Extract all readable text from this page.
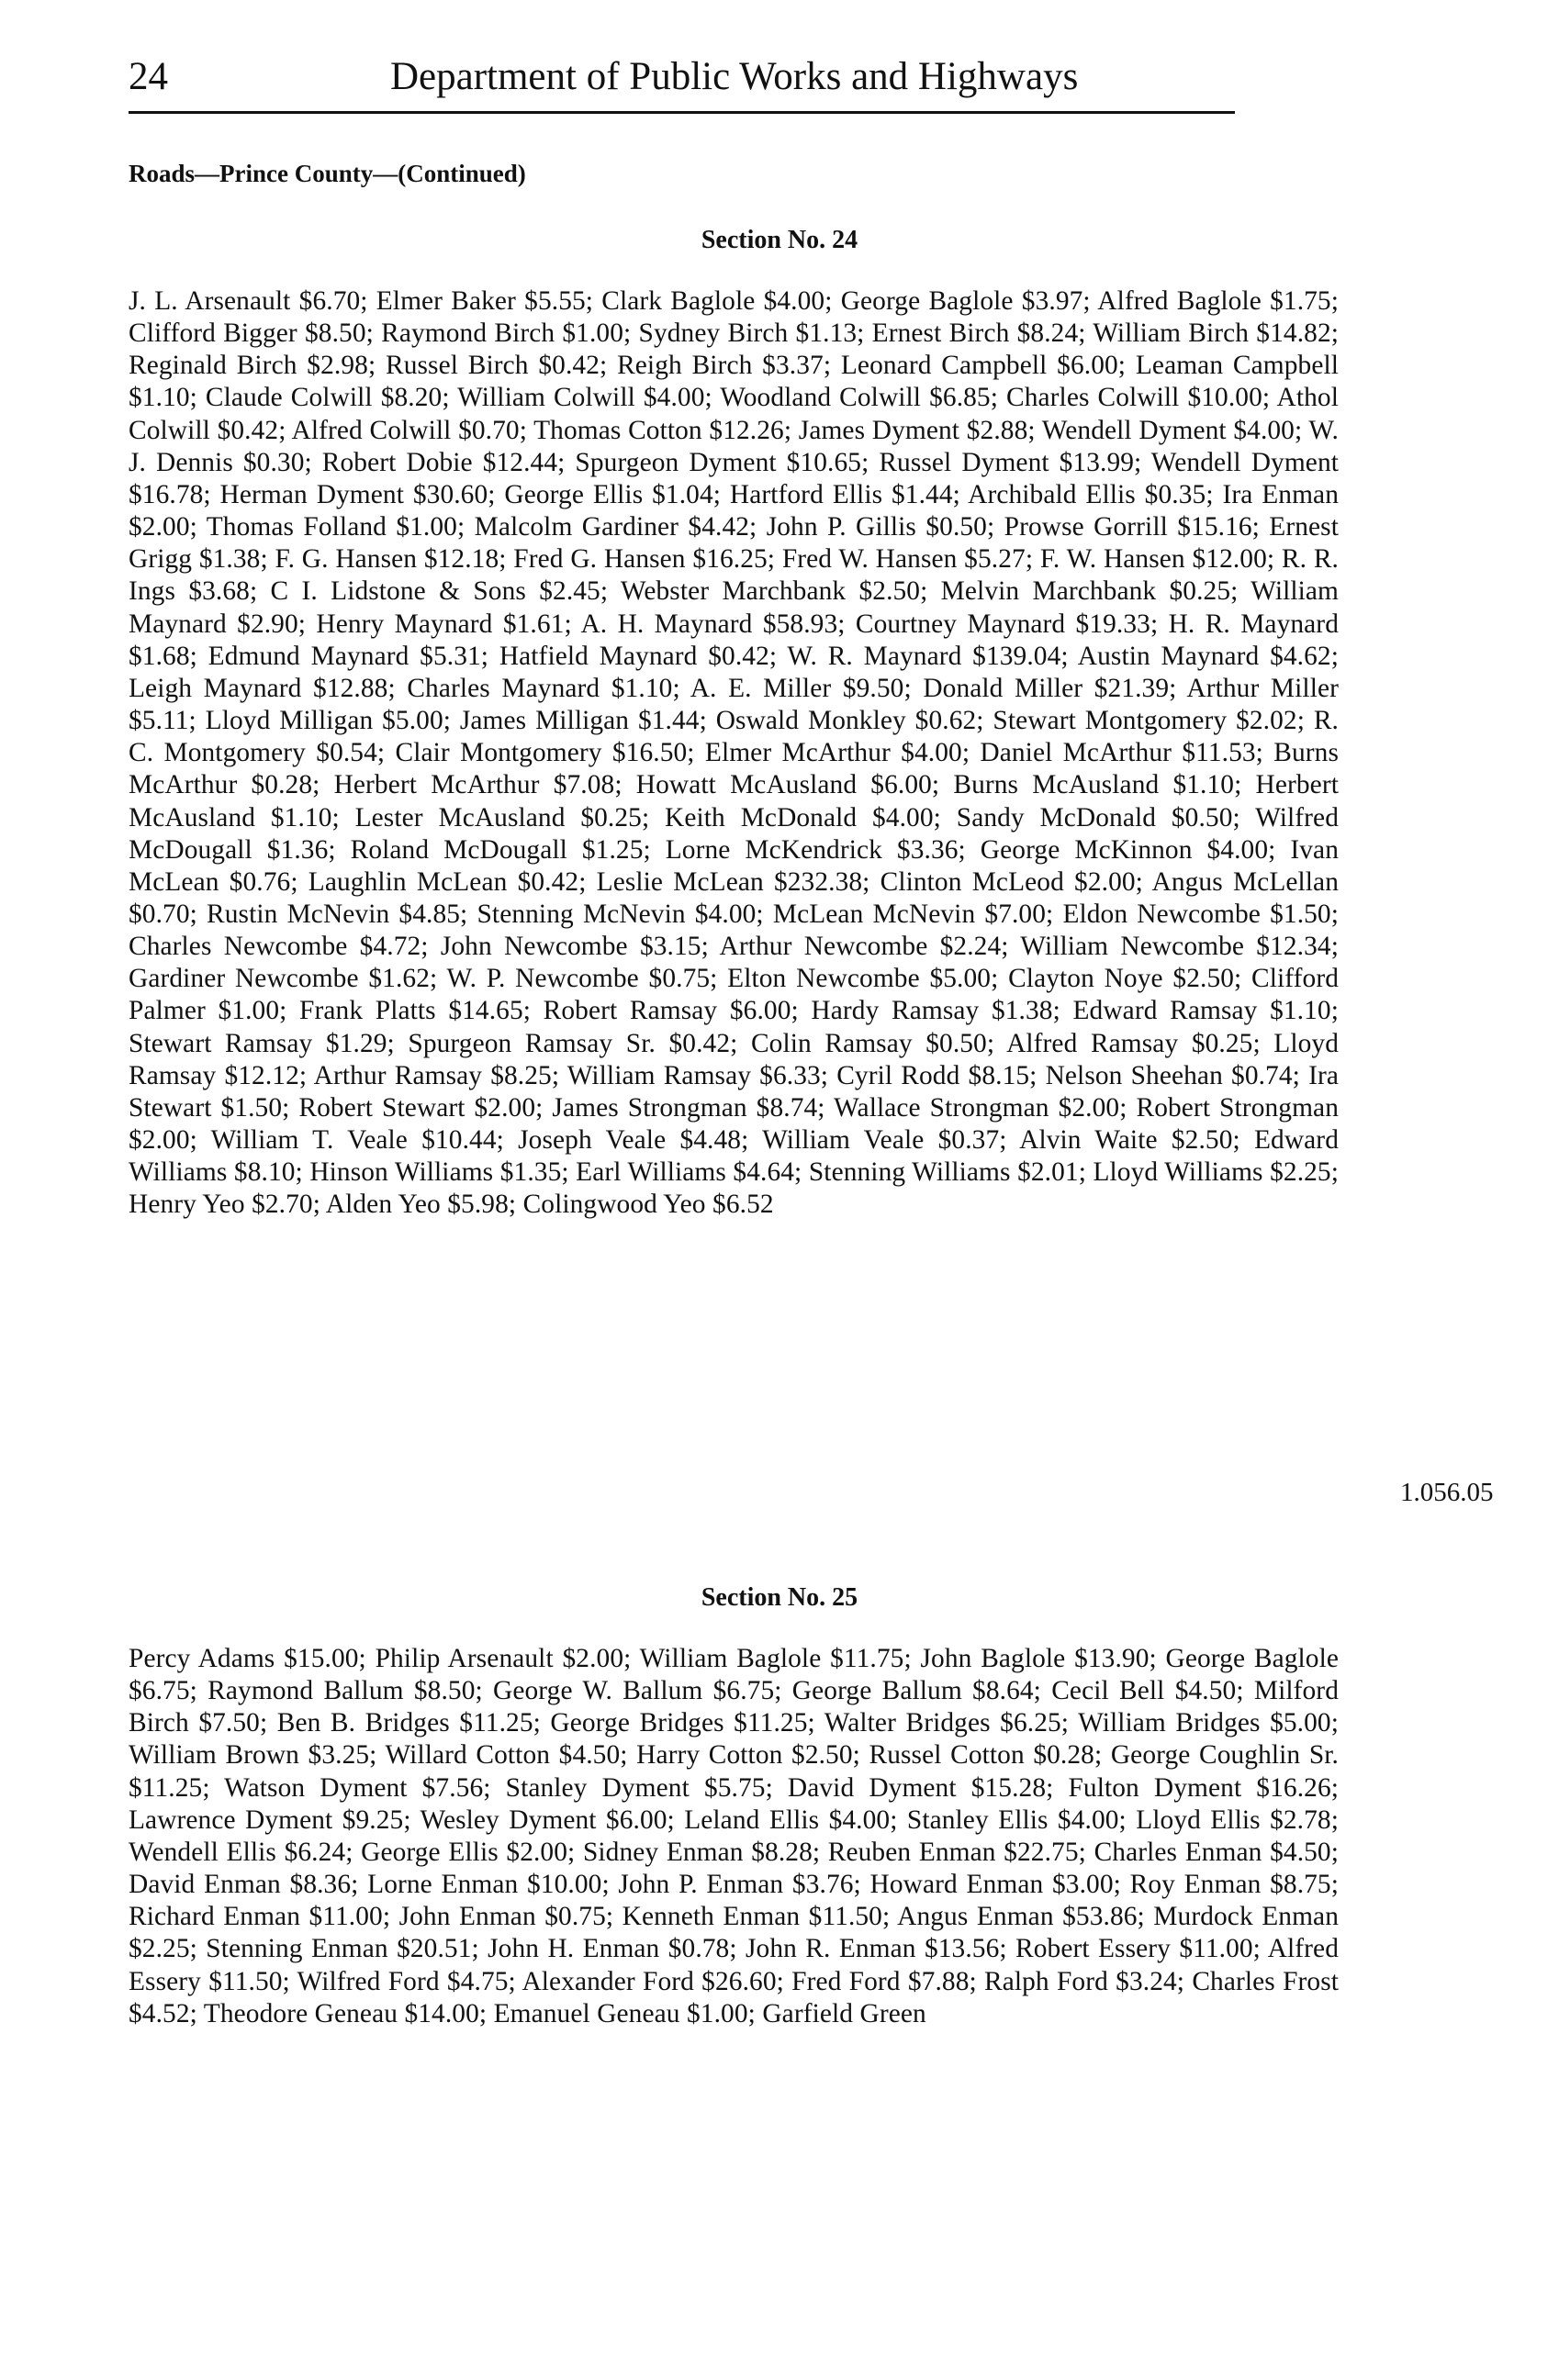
24	Department of Public Works and Highways
Roads—Prince County—(Continued)
Section No. 24

J. L. Arsenault $6.70; Elmer Baker $5.55; Clark Baglole $4.00; George Baglole $3.97; Alfred Baglole $1.75; Clifford Bigger $8.50; Raymond Birch $1.00; Sydney Birch $1.13; Ernest Birch $8.24; William Birch $14.82; Reginald Birch $2.98; Russel Birch $0.42; Reigh Birch $3.37; Leonard Campbell $6.00; Leaman Campbell $1.10; Claude Colwill $8.20; William Colwill $4.00; Woodland Colwill $6.85; Charles Colwill $10.00; Athol Colwill $0.42; Alfred Colwill $0.70; Thomas Cotton $12.26; James Dyment $2.88; Wendell Dyment $4.00; W. J. Dennis $0.30; Robert Dobie $12.44; Spurgeon Dyment $10.65; Russel Dyment $13.99; Wendell Dyment $16.78; Herman Dyment $30.60; George Ellis $1.04; Hartford Ellis $1.44; Archibald Ellis $0.35; Ira Enman $2.00; Thomas Folland $1.00; Malcolm Gardiner $4.42; John P. Gillis $0.50; Prowse Gorrill $15.16; Ernest Grigg $1.38; F. G. Hansen $12.18; Fred G. Hansen $16.25; Fred W. Hansen $5.27; F. W. Hansen $12.00; R. R. Ings $3.68; C I. Lidstone & Sons $2.45; Webster Marchbank $2.50; Melvin Marchbank $0.25; William Maynard $2.90; Henry Maynard $1.61; A. H. Maynard $58.93; Courtney Maynard $19.33; H. R. Maynard $1.68; Edmund Maynard $5.31; Hatfield Maynard $0.42; W. R. Maynard $139.04; Austin Maynard $4.62; Leigh Maynard $12.88; Charles Maynard $1.10; A. E. Miller $9.50; Donald Miller $21.39; Arthur Miller $5.11; Lloyd Milligan $5.00; James Milligan $1.44; Oswald Monkley $0.62; Stewart Montgomery $2.02; R. C. Montgomery $0.54; Clair Montgomery $16.50; Elmer McArthur $4.00; Daniel McArthur $11.53; Burns McArthur $0.28; Herbert McArthur $7.08; Howatt McAusland $6.00; Burns McAusland $1.10; Herbert McAusland $1.10; Lester McAusland $0.25; Keith McDonald $4.00; Sandy McDonald $0.50; Wilfred McDougall $1.36; Roland McDougall $1.25; Lorne McKendrick $3.36; George McKinnon $4.00; Ivan McLean $0.76; Laughlin McLean $0.42; Leslie McLean $232.38; Clinton McLeod $2.00; Angus McLellan $0.70; Rustin McNevin $4.85; Stenning McNevin $4.00; McLean McNevin $7.00; Eldon Newcombe $1.50; Charles Newcombe $4.72; John Newcombe $3.15; Arthur Newcombe $2.24; William Newcombe $12.34; Gardiner Newcombe $1.62; W. P. Newcombe $0.75; Elton Newcombe $5.00; Clayton Noye $2.50; Clifford Palmer $1.00; Frank Platts $14.65; Robert Ramsay $6.00; Hardy Ramsay $1.38; Edward Ramsay $1.10; Stewart Ramsay $1.29; Spurgeon Ramsay Sr. $0.42; Colin Ramsay $0.50; Alfred Ramsay $0.25; Lloyd Ramsay $12.12; Arthur Ramsay $8.25; William Ramsay $6.33; Cyril Rodd $8.15; Nelson Sheehan $0.74; Ira Stewart $1.50; Robert Stewart $2.00; James Strongman $8.74; Wallace Strongman $2.00; Robert Strongman $2.00; William T. Veale $10.44; Joseph Veale $4.48; William Veale $0.37; Alvin Waite $2.50; Edward Williams $8.10; Hinson Williams $1.35; Earl Williams $4.64; Stenning Williams $2.01; Lloyd Williams $2.25; Henry Yeo $2.70; Alden Yeo $5.98; Colingwood Yeo $6.52

1.056.05
Section No. 25

Percy Adams $15.00; Philip Arsenault $2.00; William Baglole $11.75; John Baglole $13.90; George Baglole $6.75; Raymond Ballum $8.50; George W. Ballum $6.75; George Ballum $8.64; Cecil Bell $4.50; Milford Birch $7.50; Ben B. Bridges $11.25; George Bridges $11.25; Walter Bridges $6.25; William Bridges $5.00; William Brown $3.25; Willard Cotton $4.50; Harry Cotton $2.50; Russel Cotton $0.28; George Coughlin Sr. $11.25; Watson Dyment $7.56; Stanley Dyment $5.75; David Dyment $15.28; Fulton Dyment $16.26; Lawrence Dyment $9.25; Wesley Dyment $6.00; Leland Ellis $4.00; Stanley Ellis $4.00; Lloyd Ellis $2.78; Wendell Ellis $6.24; George Ellis $2.00; Sidney Enman $8.28; Reuben Enman $22.75; Charles Enman $4.50; David Enman $8.36; Lorne Enman $10.00; John P. Enman $3.76; Howard Enman $3.00; Roy Enman $8.75; Richard Enman $11.00; John Enman $0.75; Kenneth Enman $11.50; Angus Enman $53.86; Murdock Enman $2.25; Stenning Enman $20.51; John H. Enman $0.78; John R. Enman $13.56; Robert Essery $11.00; Alfred Essery $11.50; Wilfred Ford $4.75; Alexander Ford $26.60; Fred Ford $7.88; Ralph Ford $3.24; Charles Frost $4.52; Theodore Geneau $14.00; Emanuel Geneau $1.00; Garfield Green
